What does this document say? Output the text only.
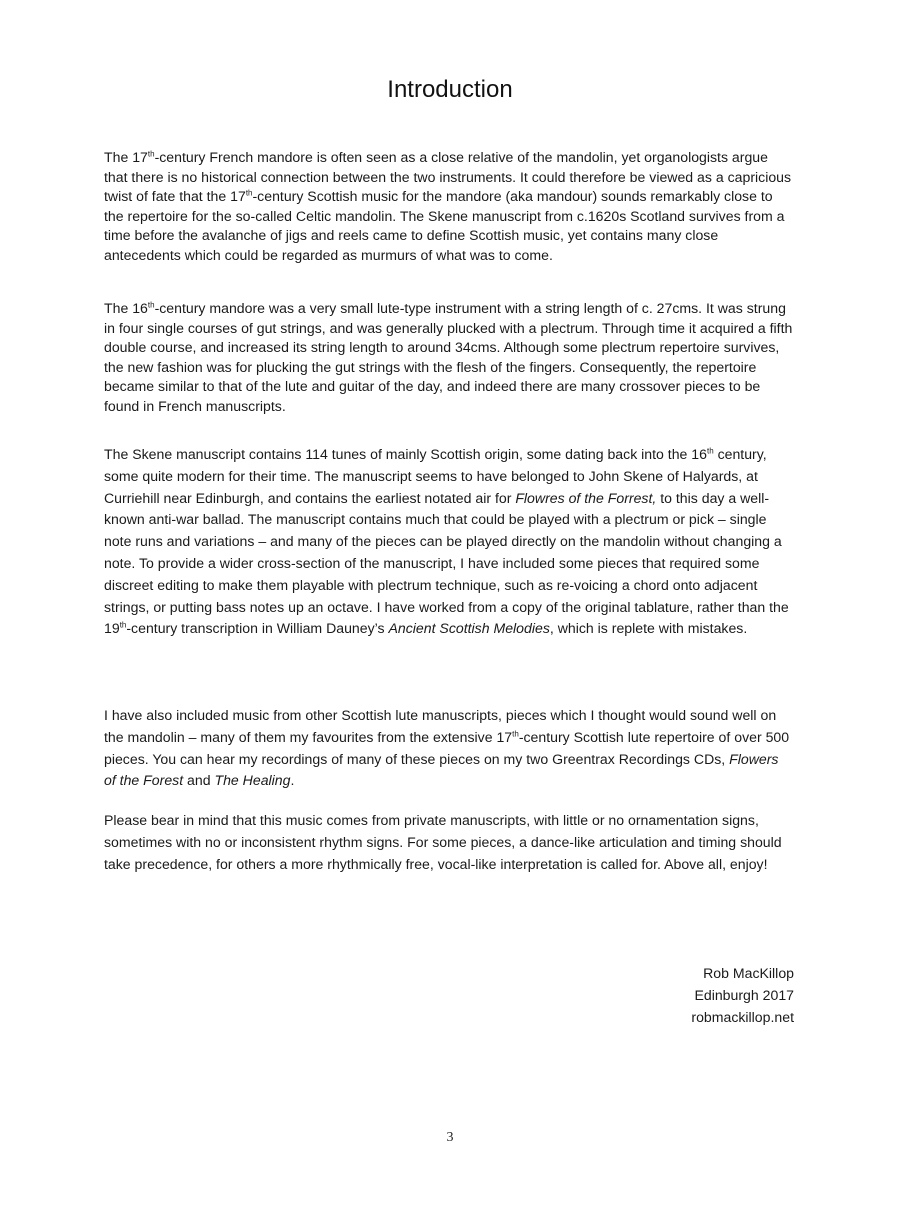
Introduction

The 17th-century French mandore is often seen as a close relative of the mandolin, yet organologists argue that there is no historical connection between the two instruments. It could therefore be viewed as a capricious twist of fate that the 17th-century Scottish music for the mandore (aka mandour) sounds remarkably close to the repertoire for the so-called Celtic mandolin. The Skene manuscript from c.1620s Scotland survives from a time before the avalanche of jigs and reels came to define Scottish music, yet contains many close antecedents which could be regarded as murmurs of what was to come.

The 16th-century mandore was a very small lute-type instrument with a string length of c. 27cms. It was strung in four single courses of gut strings, and was generally plucked with a plectrum. Through time it acquired a fifth double course, and increased its string length to around 34cms. Although some plectrum repertoire survives, the new fashion was for plucking the gut strings with the flesh of the fingers. Consequently, the repertoire became similar to that of the lute and guitar of the day, and indeed there are many crossover pieces to be found in French manuscripts.

The Skene manuscript contains 114 tunes of mainly Scottish origin, some dating back into the 16th century, some quite modern for their time. The manuscript seems to have belonged to John Skene of Halyards, at Curriehill near Edinburgh, and contains the earliest notated air for Flowres of the Forrest, to this day a well-known anti-war ballad. The manuscript contains much that could be played with a plectrum or pick – single note runs and variations – and many of the pieces can be played directly on the mandolin without changing a note. To provide a wider cross-section of the manuscript, I have included some pieces that required some discreet editing to make them playable with plectrum technique, such as re-voicing a chord onto adjacent strings, or putting bass notes up an octave. I have worked from a copy of the original tablature, rather than the 19th-century transcription in William Dauney’s Ancient Scottish Melodies, which is replete with mistakes.

I have also included music from other Scottish lute manuscripts, pieces which I thought would sound well on the mandolin – many of them my favourites from the extensive 17th-century Scottish lute repertoire of over 500 pieces. You can hear my recordings of many of these pieces on my two Greentrax Recordings CDs, Flowers of the Forest and The Healing.

Please bear in mind that this music comes from private manuscripts, with little or no ornamentation signs, sometimes with no or inconsistent rhythm signs. For some pieces, a dance-like articulation and timing should take precedence, for others a more rhythmically free, vocal-like interpretation is called for. Above all, enjoy!

Rob MacKillop
Edinburgh 2017
robmackillop.net
3
